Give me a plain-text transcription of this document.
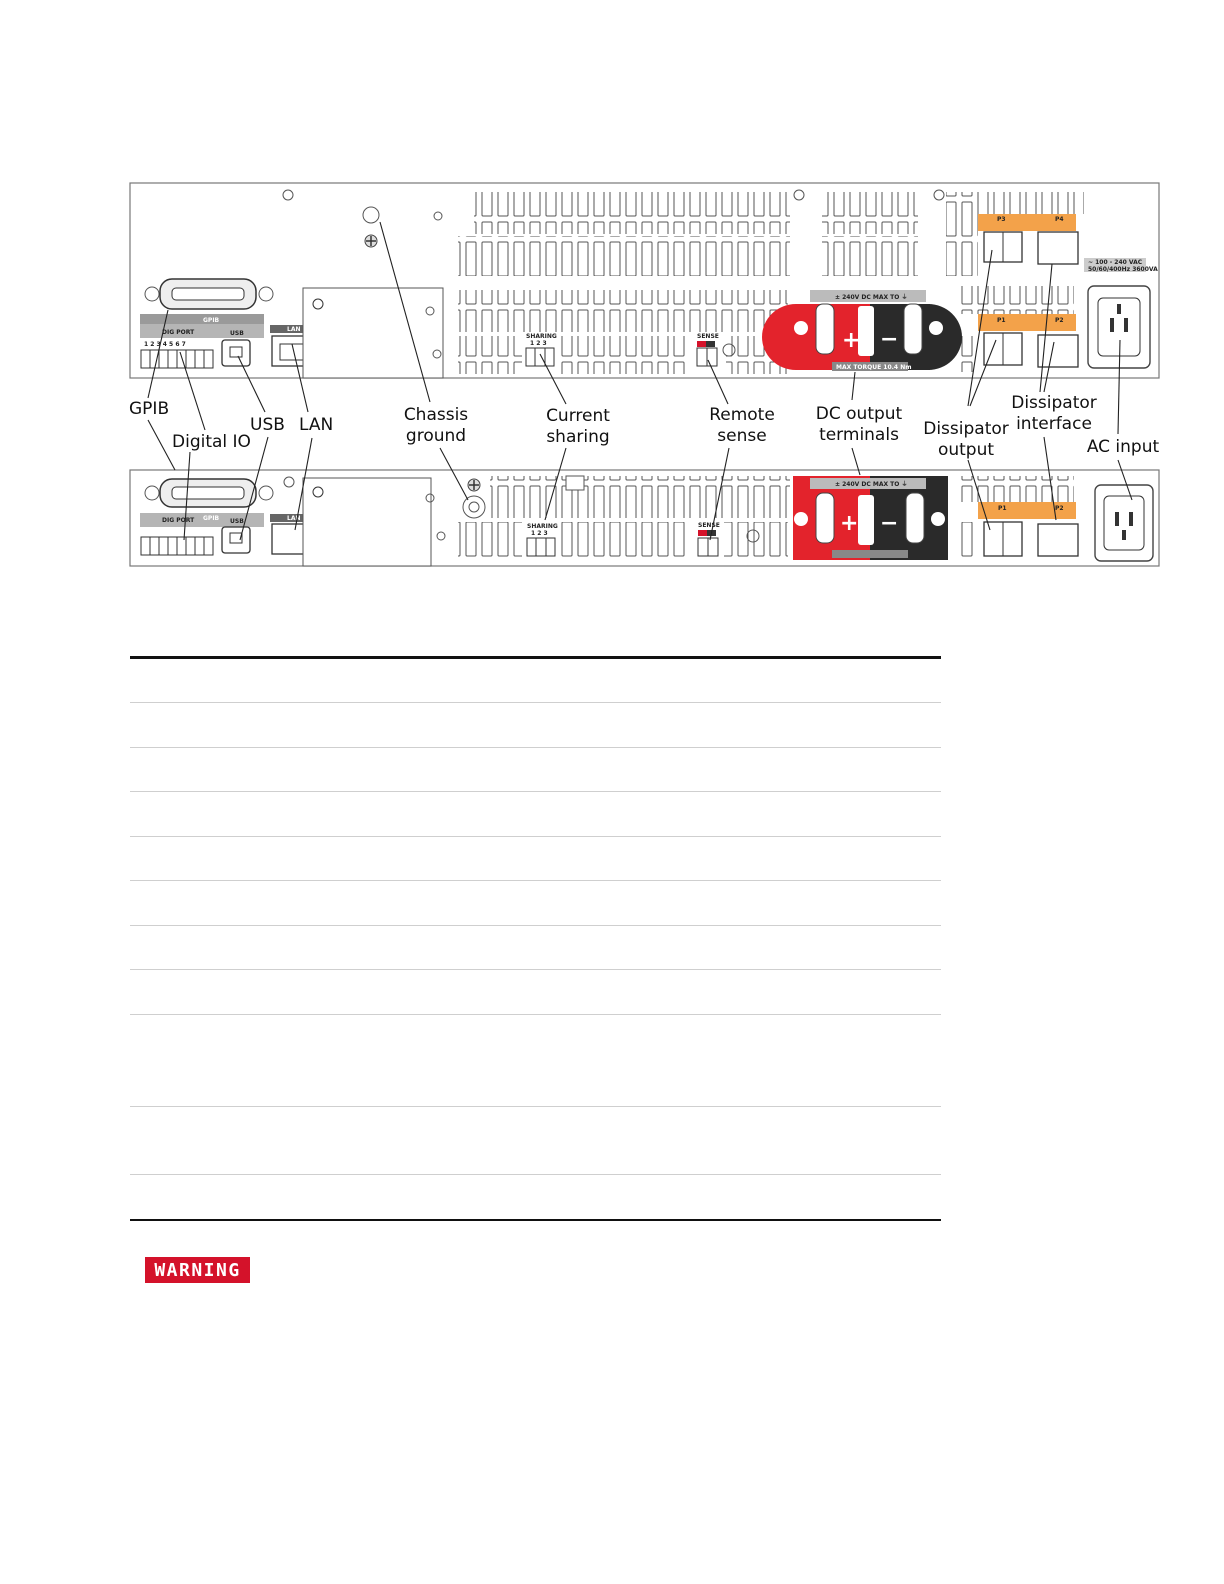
GPIB
DIG PORT
1 2 3 4 5 6 7
USB
LAN
SHARING
1 2 3
SENSE
± 240V DC MAX TO ⏚
+ −
MAX TORQUE 10.4 Nm
P3	P4
P1	P2
~ 100 - 240 VAC
50/60/400Hz 3600VA
DIG PORT GPIB USB	LAN
SHARING
1 2 3
SENSE
± 240V DC MAX TO ⏚
+ −
P1	P2
GPIB
Digital IO
USB LAN	Chassis
ground
Current
sharing
Remote
sense
DC output
terminals Dissipator
output
Dissipator
interface
AC input
WARNING
